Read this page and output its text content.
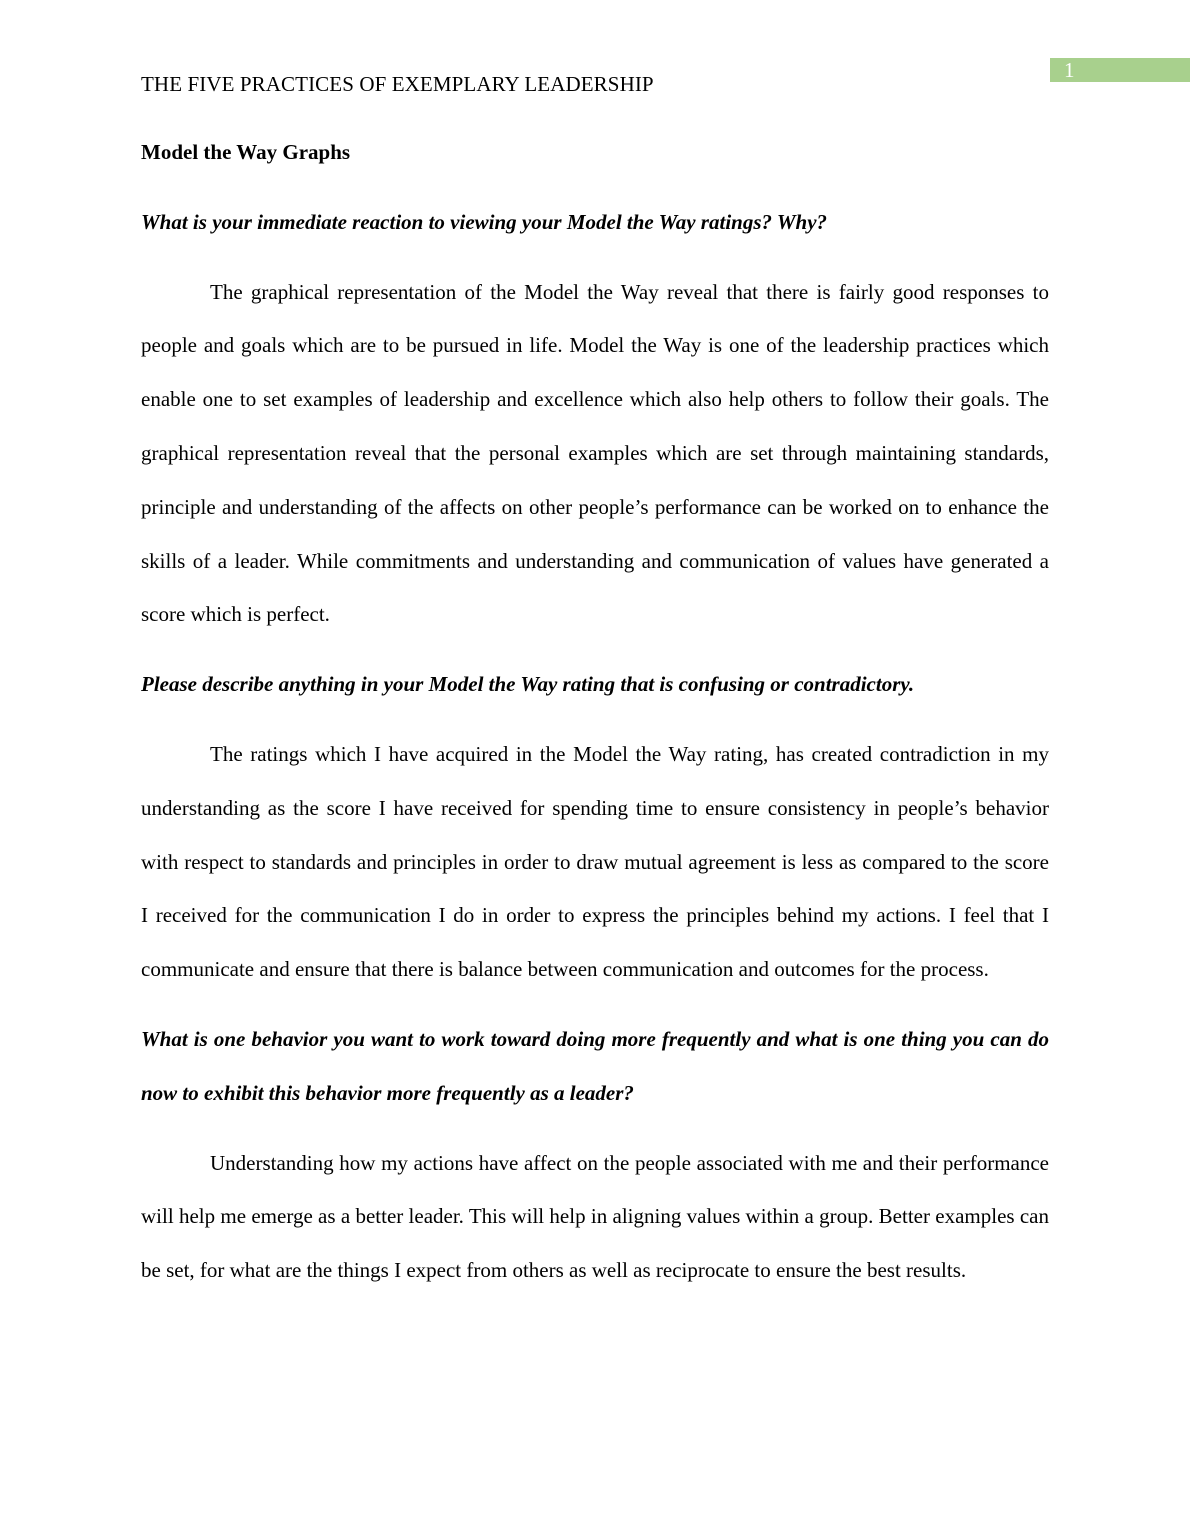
1
THE FIVE PRACTICES OF EXEMPLARY LEADERSHIP
Model the Way Graphs

What is your immediate reaction to viewing your Model the Way ratings? Why?

The graphical representation of the Model the Way reveal that there is fairly good responses to people and goals which are to be pursued in life. Model the Way is one of the leadership practices which enable one to set examples of leadership and excellence which also help others to follow their goals. The graphical representation reveal that the personal examples which are set through maintaining standards, principle and understanding of the affects on other people’s performance can be worked on to enhance the skills of a leader. While commitments and understanding and communication of values have generated a score which is perfect.

Please describe anything in your Model the Way rating that is confusing or contradictory.

The ratings which I have acquired in the Model the Way rating, has created contradiction in my understanding as the score I have received for spending time to ensure consistency in people’s behavior with respect to standards and principles in order to draw mutual agreement is less as compared to the score I received for the communication I do in order to express the principles behind my actions. I feel that I communicate and ensure that there is balance between communication and outcomes for the process.

What is one behavior you want to work toward doing more frequently and what is one thing you can do now to exhibit this behavior more frequently as a leader?

Understanding how my actions have affect on the people associated with me and their performance will help me emerge as a better leader. This will help in aligning values within a group. Better examples can be set, for what are the things I expect from others as well as reciprocate to ensure the best results.
